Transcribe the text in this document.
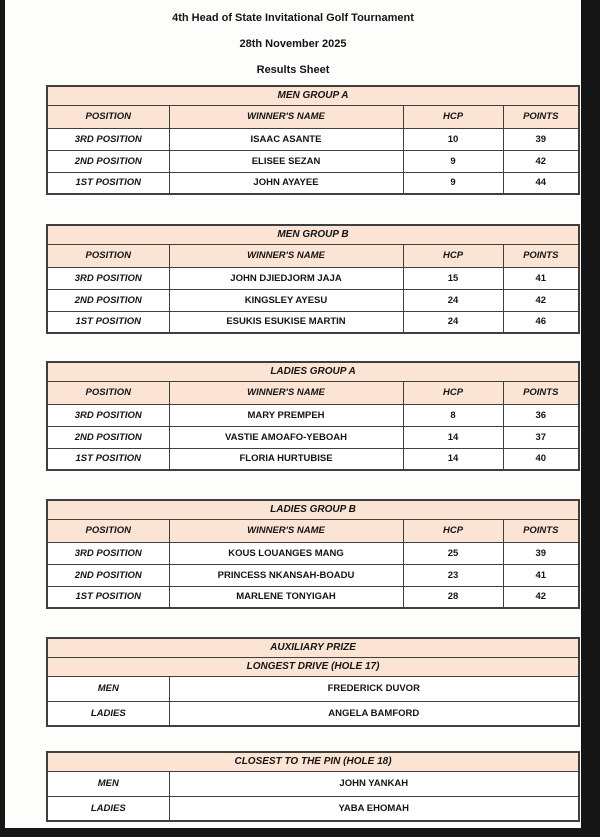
4th Head of State Invitational Golf Tournament
28th November 2025
Results Sheet
MEN GROUP A			
POSITION	WINNER'S NAME	HCP	POINTS
3RD POSITION	ISAAC ASANTE	10	39
2ND POSITION	ELISEE SEZAN	9	42
1ST POSITION	JOHN AYAYEE	9	44
MEN GROUP B			
POSITION	WINNER'S NAME	HCP	POINTS
3RD POSITION	JOHN DJIEDJORM JAJA	15	41
2ND POSITION	KINGSLEY AYESU	24	42
1ST POSITION	ESUKIS ESUKISE MARTIN	24	46
LADIES GROUP A			
POSITION	WINNER'S NAME	HCP	POINTS
3RD POSITION	MARY PREMPEH	8	36
2ND POSITION	VASTIE AMOAFO-YEBOAH	14	37
1ST POSITION	FLORIA HURTUBISE	14	40
LADIES GROUP B			
POSITION	WINNER'S NAME	HCP	POINTS
3RD POSITION	KOUS LOUANGES MANG	25	39
2ND POSITION	PRINCESS NKANSAH-BOADU	23	41
1ST POSITION	MARLENE TONYIGAH	28	42
AUXILIARY PRIZE	
LONGEST DRIVE (HOLE 17)	
MEN	FREDERICK DUVOR
LADIES	ANGELA BAMFORD
CLOSEST TO THE PIN (HOLE 18)	
MEN	JOHN YANKAH
LADIES	YABA EHOMAH
